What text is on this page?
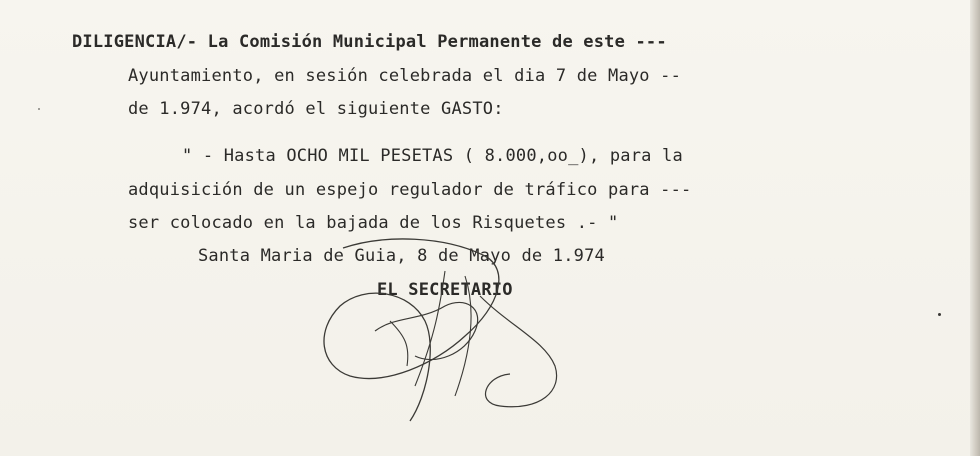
DILIGENCIA/- La Comisión Municipal Permanente de este ---
Ayuntamiento, en sesión celebrada el dia 7 de Mayo --
de 1.974, acordó el siguiente GASTO:
" - Hasta OCHO MIL PESETAS ( 8.000,oo_), para la
adquisición de un espejo regulador de tráfico para ---
ser colocado en la bajada de los Risquetes .- "
Santa Maria de Guia, 8 de Mayo de 1.974
EL SECRETARIO
